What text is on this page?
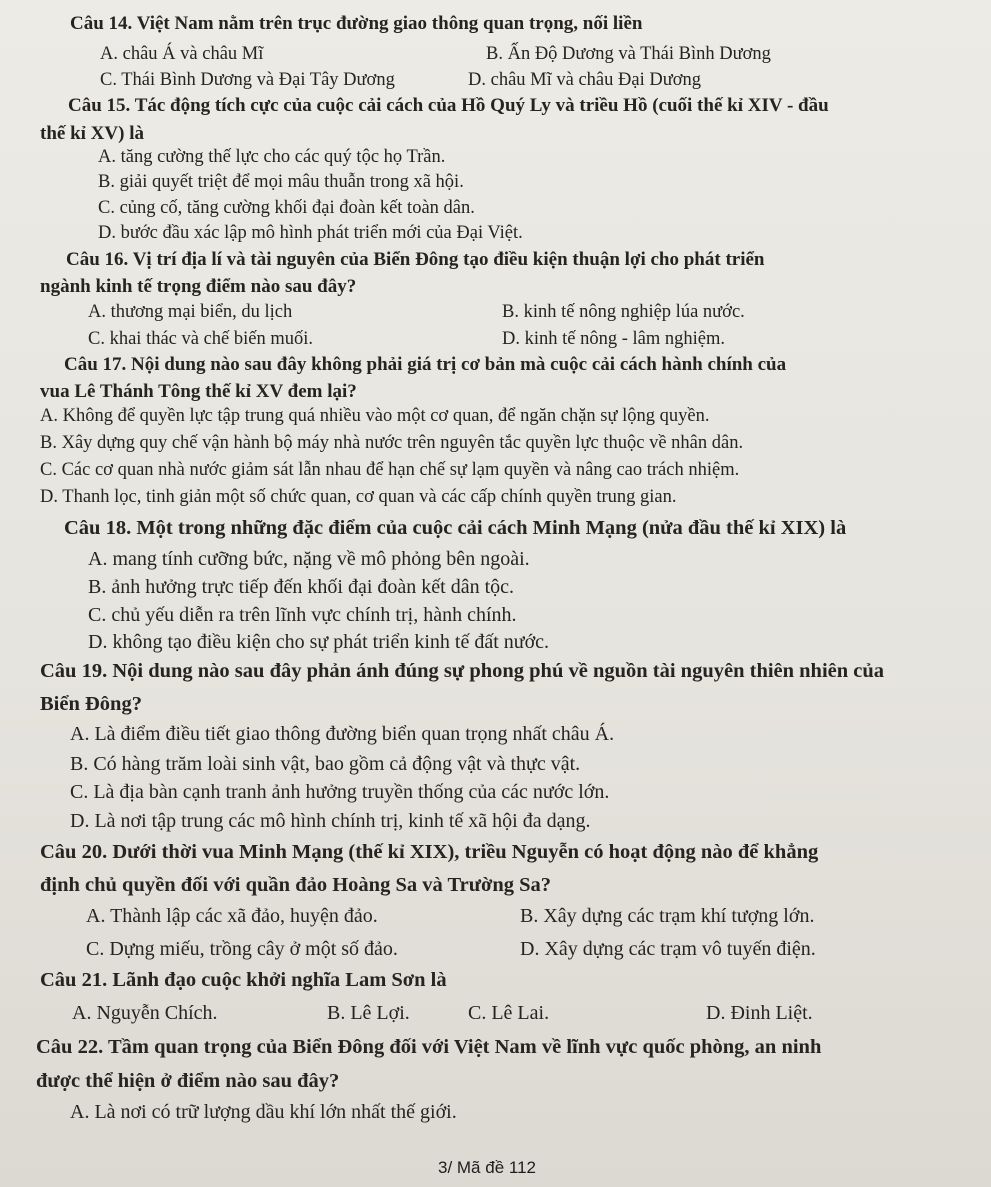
Câu 14. Việt Nam nằm trên trục đường giao thông quan trọng, nối liền
A. châu Á và châu Mĩ	B. Ấn Độ Dương và Thái Bình Dương
C. Thái Bình Dương và Đại Tây Dương	D. châu Mĩ và châu Đại Dương
Câu 15. Tác động tích cực của cuộc cải cách của Hồ Quý Ly và triều Hồ (cuối thế kỉ XIV - đầu
thế kỉ XV) là
A. tăng cường thế lực cho các quý tộc họ Trần.
B. giải quyết triệt để mọi mâu thuẫn trong xã hội.
C. củng cố, tăng cường khối đại đoàn kết toàn dân.
D. bước đầu xác lập mô hình phát triển mới của Đại Việt.
Câu 16. Vị trí địa lí và tài nguyên của Biển Đông tạo điều kiện thuận lợi cho phát triển
ngành kinh tế trọng điểm nào sau đây?
A. thương mại biển, du lịch	B. kinh tế nông nghiệp lúa nước.
C. khai thác và chế biến muối.	D. kinh tế nông - lâm nghiệm.
Câu 17. Nội dung nào sau đây không phải giá trị cơ bản mà cuộc cải cách hành chính của
vua Lê Thánh Tông thế kỉ XV đem lại?
A. Không để quyền lực tập trung quá nhiều vào một cơ quan, để ngăn chặn sự lộng quyền.
B. Xây dựng quy chế vận hành bộ máy nhà nước trên nguyên tắc quyền lực thuộc về nhân dân.
C. Các cơ quan nhà nước giảm sát lẫn nhau để hạn chế sự lạm quyền và nâng cao trách nhiệm.
D. Thanh lọc, tinh giản một số chức quan, cơ quan và các cấp chính quyền trung gian.
Câu 18. Một trong những đặc điểm của cuộc cải cách Minh Mạng (nửa đầu thế kỉ XIX) là
A. mang tính cưỡng bức, nặng về mô phỏng bên ngoài.
B. ảnh hưởng trực tiếp đến khối đại đoàn kết dân tộc.
C. chủ yếu diễn ra trên lĩnh vực chính trị, hành chính.
D. không tạo điều kiện cho sự phát triển kinh tế đất nước.
Câu 19. Nội dung nào sau đây phản ánh đúng sự phong phú về nguồn tài nguyên thiên nhiên của
Biển Đông?
A. Là điểm điều tiết giao thông đường biển quan trọng nhất châu Á.
B. Có hàng trăm loài sinh vật, bao gồm cả động vật và thực vật.
C. Là địa bàn cạnh tranh ảnh hưởng truyền thống của các nước lớn.
D. Là nơi tập trung các mô hình chính trị, kinh tế xã hội đa dạng.
Câu 20. Dưới thời vua Minh Mạng (thế kỉ XIX), triều Nguyễn có hoạt động nào để khẳng
định chủ quyền đối với quần đảo Hoàng Sa và Trường Sa?
A. Thành lập các xã đảo, huyện đảo.	B. Xây dựng các trạm khí tượng lớn.
C. Dựng miếu, trồng cây ở một số đảo.	D. Xây dựng các trạm vô tuyến điện.
Câu 21. Lãnh đạo cuộc khởi nghĩa Lam Sơn là
A. Nguyễn Chích.	B. Lê Lợi.	C. Lê Lai.	D. Đinh Liệt.
Câu 22. Tầm quan trọng của Biển Đông đối với Việt Nam về lĩnh vực quốc phòng, an ninh
được thể hiện ở điểm nào sau đây?
A. Là nơi có trữ lượng dầu khí lớn nhất thế giới.
3/ Mã đề 112
